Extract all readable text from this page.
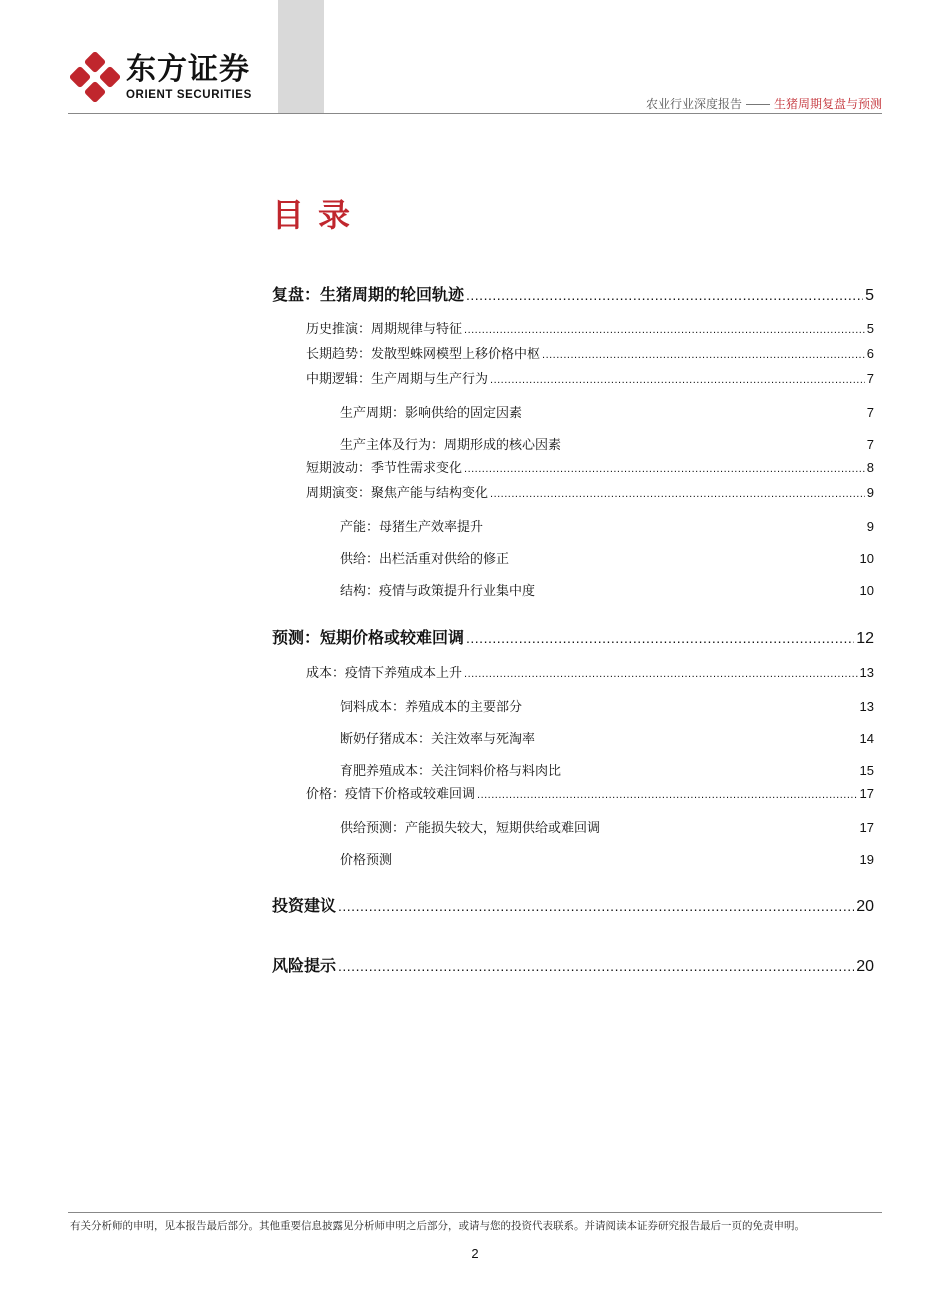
东方证券
ORIENT SECURITIES
农业行业深度报告	生猪周期复盘与预测
目录
复盘：生猪周期的轮回轨迹 .....	5
历史推演：周期规律与特征 .....	5
长期趋势：发散型蛛网模型上移价格中枢 .....	6
中期逻辑：生产周期与生产行为 .....	7
生产周期：影响供给的固定因素	7
生产主体及行为：周期形成的核心因素	7
短期波动：季节性需求变化 .....	8
周期演变：聚焦产能与结构变化 .....	9
产能：母猪生产效率提升	9
供给：出栏活重对供给的修正	10
结构：疫情与政策提升行业集中度	10
预测：短期价格或较难回调 .....	12
成本：疫情下养殖成本上升 .....	13
饲料成本：养殖成本的主要部分	13
断奶仔猪成本：关注效率与死淘率	14
育肥养殖成本：关注饲料价格与料肉比	15
价格：疫情下价格或较难回调 .....	17
供给预测：产能损失较大，短期供给或难回调	17
价格预测	19
投资建议 .....	20
风险提示 .....	20
有关分析师的申明，见本报告最后部分。其他重要信息披露见分析师申明之后部分，或请与您的投资代表联系。并请阅读本证券研究报告最后一页的免责申明。
2
